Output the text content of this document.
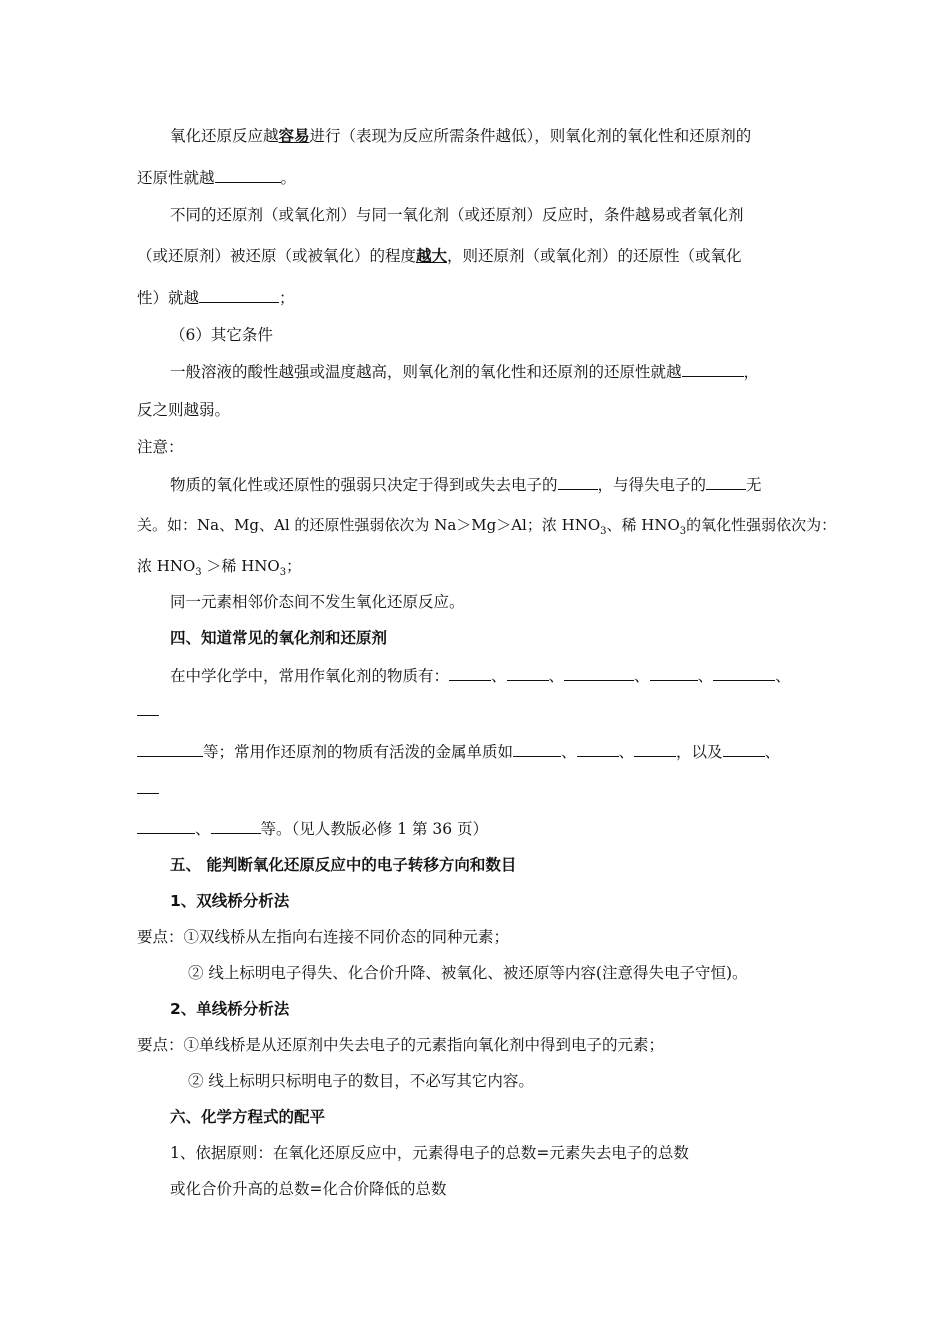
氧化还原反应越容易进行（表现为反应所需条件越低），则氧化剂的氧化性和还原剂的
还原性就越	。
不同的还原剂（或氧化剂）与同一氧化剂（或还原剂）反应时，条件越易或者氧化剂
（或还原剂）被还原（或被氧化）的程度越大，则还原剂（或氧化剂）的还原性（或氧化
性）就越	；
（6）其它条件
一般溶液的酸性越强或温度越高，则氧化剂的氧化性和还原剂的还原性就越	，
反之则越弱。
注意：
物质的氧化性或还原性的强弱只决定于得到或失去电子的	，与得失电子的	无
关。如：Na、Mg、Al 的还原性强弱依次为 Na＞Mg＞Al；浓 $HNO_3$、稀 $HNO_3$的氧化性强弱依次为：
浓 $HNO_3$ ＞稀 $HNO_3$；
同一元素相邻价态间不发生氧化还原反应。
四、知道常见的氧化剂和还原剂
在中学化学中，常用作氧化剂的物质有：	、	、	、	、	、
等；常用作还原剂的物质有活泼的金属单质如	、	、	，以及	、
、	等。（见人教版必修 1 第 36 页）
五、 能判断氧化还原反应中的电子转移方向和数目
1、双线桥分析法
要点：①双线桥从左指向右连接不同价态的同种元素；
② 线上标明电子得失、化合价升降、被氧化、被还原等内容(注意得失电子守恒)。
2、单线桥分析法
要点：①单线桥是从还原剂中失去电子的元素指向氧化剂中得到电子的元素；
② 线上标明只标明电子的数目，不必写其它内容。
六、化学方程式的配平
1、依据原则：在氧化还原反应中，元素得电子的总数=元素失去电子的总数
或化合价升高的总数=化合价降低的总数
